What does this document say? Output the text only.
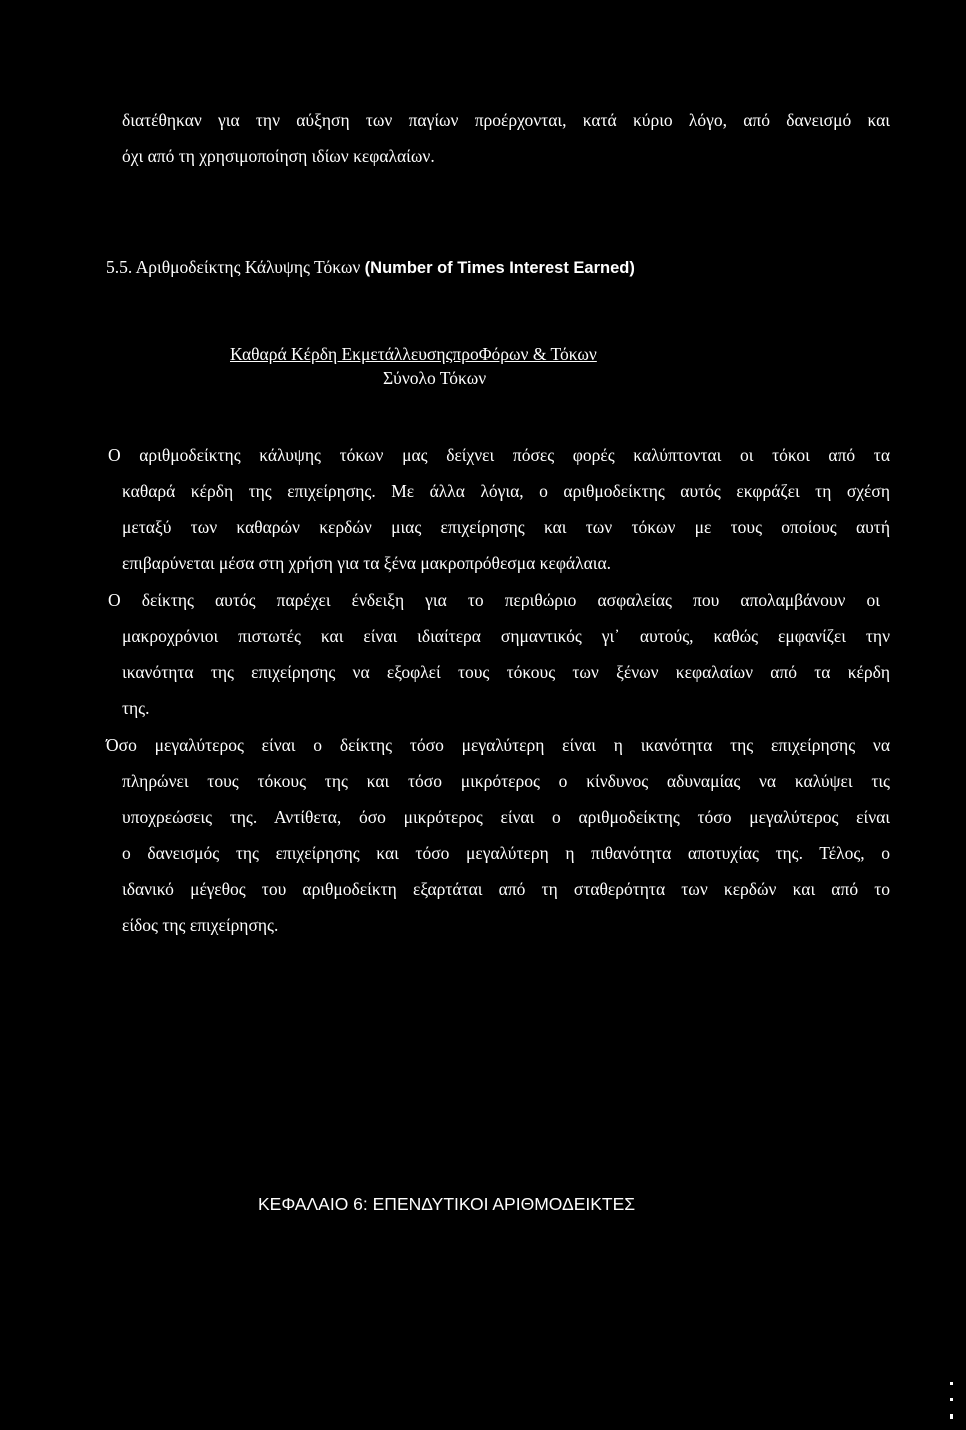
διατέθηκαν για την αύξηση των παγίων προέρχονται, κατά κύριο λόγο, από δανεισμό και
όχι από τη χρησιμοποίηση ιδίων κεφαλαίων.
5.5. Αριθμοδείκτης Κάλυψης Τόκων (Number of Times Interest Earned)
Καθαρά Κέρδη ΕκμετάλλευσηςπροΦόρων & Τόκων
Σύνολο Τόκων
Ο αριθμοδείκτης κάλυψης τόκων μας δείχνει πόσες φορές καλύπτονται οι τόκοι από τα
καθαρά κέρδη της επιχείρησης. Με άλλα λόγια, ο αριθμοδείκτης αυτός εκφράζει τη σχέση
μεταξύ των καθαρών κερδών μιας επιχείρησης και των τόκων με τους οποίους αυτή
επιβαρύνεται μέσα στη χρήση για τα ξένα μακροπρόθεσμα κεφάλαια.
Ο δείκτης αυτός παρέχει ένδειξη για το περιθώριο ασφαλείας που απολαμβάνουν οι
μακροχρόνιοι πιστωτές και είναι ιδιαίτερα σημαντικός γι᾽ αυτούς, καθώς εμφανίζει την
ικανότητα της επιχείρησης να εξοφλεί τους τόκους των ξένων κεφαλαίων από τα κέρδη
της.
Όσο μεγαλύτερος είναι ο δείκτης τόσο μεγαλύτερη είναι η ικανότητα της επιχείρησης να
πληρώνει τους τόκους της και τόσο μικρότερος ο κίνδυνος αδυναμίας να καλύψει τις
υποχρεώσεις της. Αντίθετα, όσο μικρότερος είναι ο αριθμοδείκτης τόσο μεγαλύτερος είναι
ο δανεισμός της επιχείρησης και τόσο μεγαλύτερη η πιθανότητα αποτυχίας της. Τέλος, ο
ιδανικό μέγεθος του αριθμοδείκτη εξαρτάται από τη σταθερότητα των κερδών και από το
είδος της επιχείρησης.
ΚΕΦΑΛΑΙΟ 6: ΕΠΕΝΔΥΤΙΚΟΙ ΑΡΙΘΜΟΔΕΙΚΤΕΣ
